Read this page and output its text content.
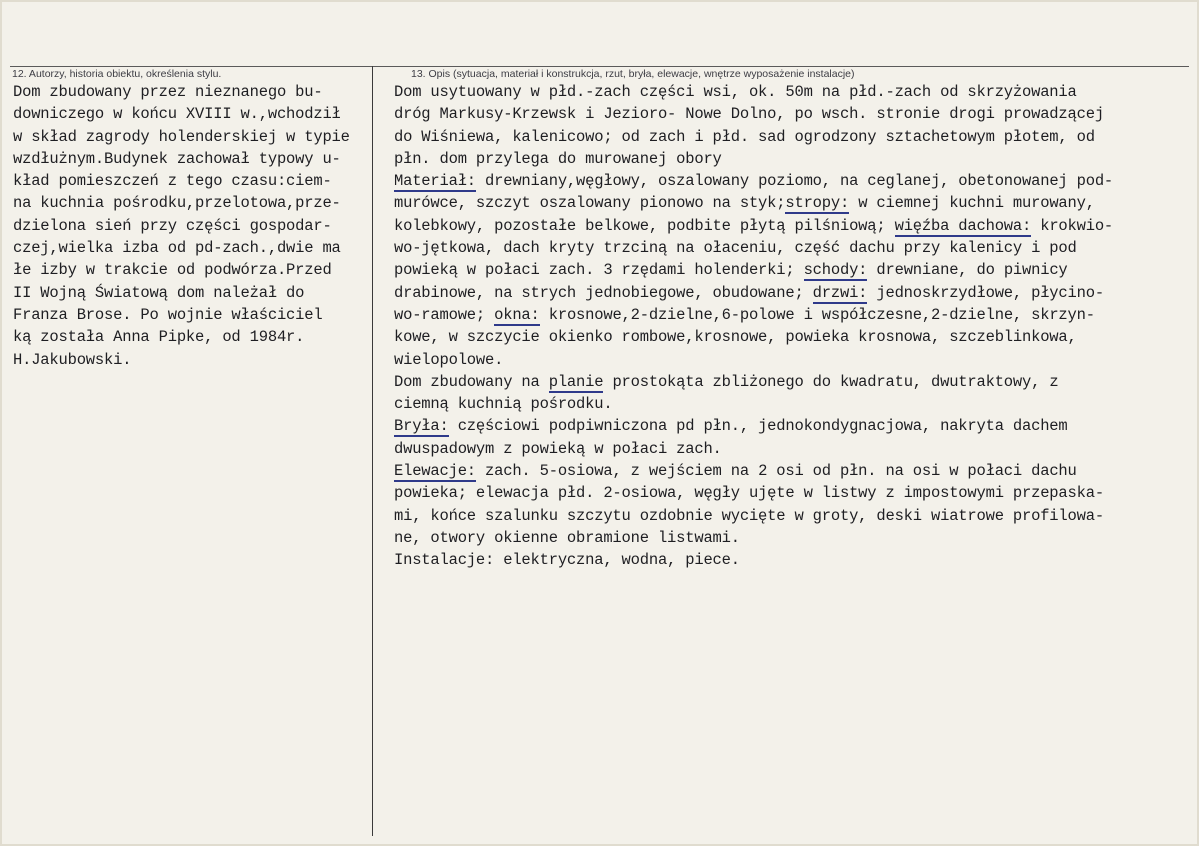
12. Autorzy, historia obiektu, określenia stylu.	13. Opis (sytuacja, materiał i konstrukcja, rzut, bryła, elewacje, wnętrze wyposażenie instalacje)
Dom zbudowany przez nieznanego bu-
downiczego w końcu XVIII w.,wchodził
w skład zagrody holenderskiej w typie
wzdłużnym.Budynek zachował typowy u-
kład pomieszczeń z tego czasu:ciem-
na kuchnia pośrodku,przelotowa,prze-
dzielona sień przy części gospodar-
czej,wielka izba od pd-zach.,dwie ma
łe izby w trakcie od podwórza.Przed
II Wojną Światową dom należał do
Franza Brose. Po wojnie właściciel
ką została Anna Pipke, od 1984r.
H.Jakubowski.
Dom usytuowany w płd.-zach części wsi, ok. 50m na płd.-zach od skrzyżowania
dróg Markusy-Krzewsk i Jezioro- Nowe Dolno, po wsch. stronie drogi prowadzącej
do Wiśniewa, kalenicowo; od zach i płd. sad ogrodzony sztachetowym płotem, od
płn. dom przylega do murowanej obory
Materiał: drewniany,węgłowy, oszalowany poziomo, na ceglanej, obetonowanej pod-
murówce, szczyt oszalowany pionowo na styk;stropy: w ciemnej kuchni murowany,
kolebkowy, pozostałe belkowe, podbite płytą pilśniową; więźba dachowa: krokwio-
wo-jętkowa, dach kryty trzciną na ołaceniu, część dachu przy kalenicy i pod
powieką w połaci zach. 3 rzędami holenderki; schody: drewniane, do piwnicy
drabinowe, na strych jednobiegowe, obudowane; drzwi: jednoskrzydłowe, płycino-
wo-ramowe; okna: krosnowe,2-dzielne,6-polowe i współczesne,2-dzielne, skrzyn-
kowe, w szczycie okienko rombowe,krosnowe, powieka krosnowa, szczeblinkowa,
wielopolowe.
Dom zbudowany na planie prostokąta zbliżonego do kwadratu, dwutraktowy, z
ciemną kuchnią pośrodku.
Bryła: częściowi podpiwniczona pd płn., jednokondygnacjowa, nakryta dachem
dwuspadowym z powieką w połaci zach.
Elewacje: zach. 5-osiowa, z wejściem na 2 osi od płn. na osi w połaci dachu
powieka; elewacja płd. 2-osiowa, węgły ujęte w listwy z impostowymi przepaska-
mi, końce szalunku szczytu ozdobnie wycięte w groty, deski wiatrowe profilowa-
ne, otwory okienne obramione listwami.
Instalacje: elektryczna, wodna, piece.
